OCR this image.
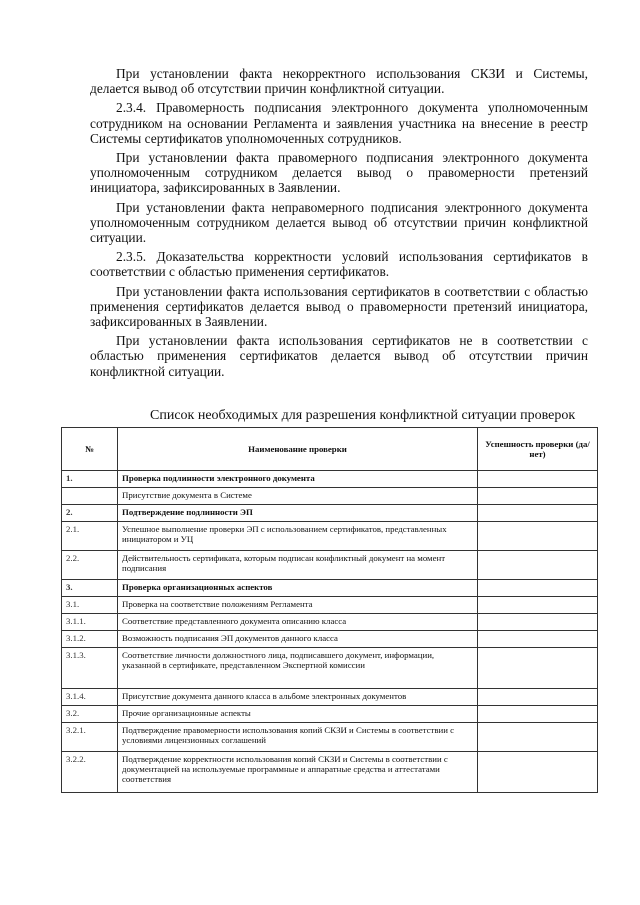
При установлении факта некорректного использования СКЗИ и Системы, делается вывод об отсутствии причин конфликтной ситуации.

2.3.4. Правомерность подписания электронного документа уполномоченным сотрудником на основании Регламента и заявления участника на внесение в реестр Системы сертификатов уполномоченных сотрудников.

При установлении факта правомерного подписания электронного документа уполномоченным сотрудником делается вывод о правомерности претензий инициатора, зафиксированных в Заявлении.

При установлении факта неправомерного подписания электронного документа уполномоченным сотрудником делается вывод об отсутствии причин конфликтной ситуации.

2.3.5. Доказательства корректности условий использования сертификатов в соответствии с областью применения сертификатов.

При установлении факта использования сертификатов в соответствии с областью применения сертификатов делается вывод о правомерности претензий инициатора, зафиксированных в Заявлении.

При установлении факта использования сертификатов не в соответствии с областью применения сертификатов делается вывод об отсутствии причин конфликтной ситуации.

Список необходимых для разрешения конфликтной ситуации проверок
№	Наименование проверки	Успешность проверки (да/нет)
1.	Проверка подлинности электронного документа	
	Присутствие документа в Системе	
2.	Подтверждение подлинности ЭП	
2.1.	Успешное выполнение проверки ЭП с использованием сертификатов, представленных инициатором и УЦ	
2.2.	Действительность сертификата, которым подписан конфликтный документ на момент подписания	
3.	Проверка организационных аспектов	
3.1.	Проверка на соответствие положениям Регламента	
3.1.1.	Соответствие представленного документа описанию класса	
3.1.2.	Возможность подписания ЭП документов данного класса	
3.1.3.	Соответствие личности должностного лица, подписавшего документ, информации, указанной в сертификате, представленном Экспертной комиссии	
3.1.4.	Присутствие документа данного класса в альбоме электронных документов	
3.2.	Прочие организационные аспекты	
3.2.1.	Подтверждение правомерности использования копий СКЗИ и Системы в соответствии с условиями лицензионных соглашений	
3.2.2.	Подтверждение корректности использования копий СКЗИ и Системы в соответствии с документацией на используемые программные и аппаратные средства и аттестатами соответствия	
